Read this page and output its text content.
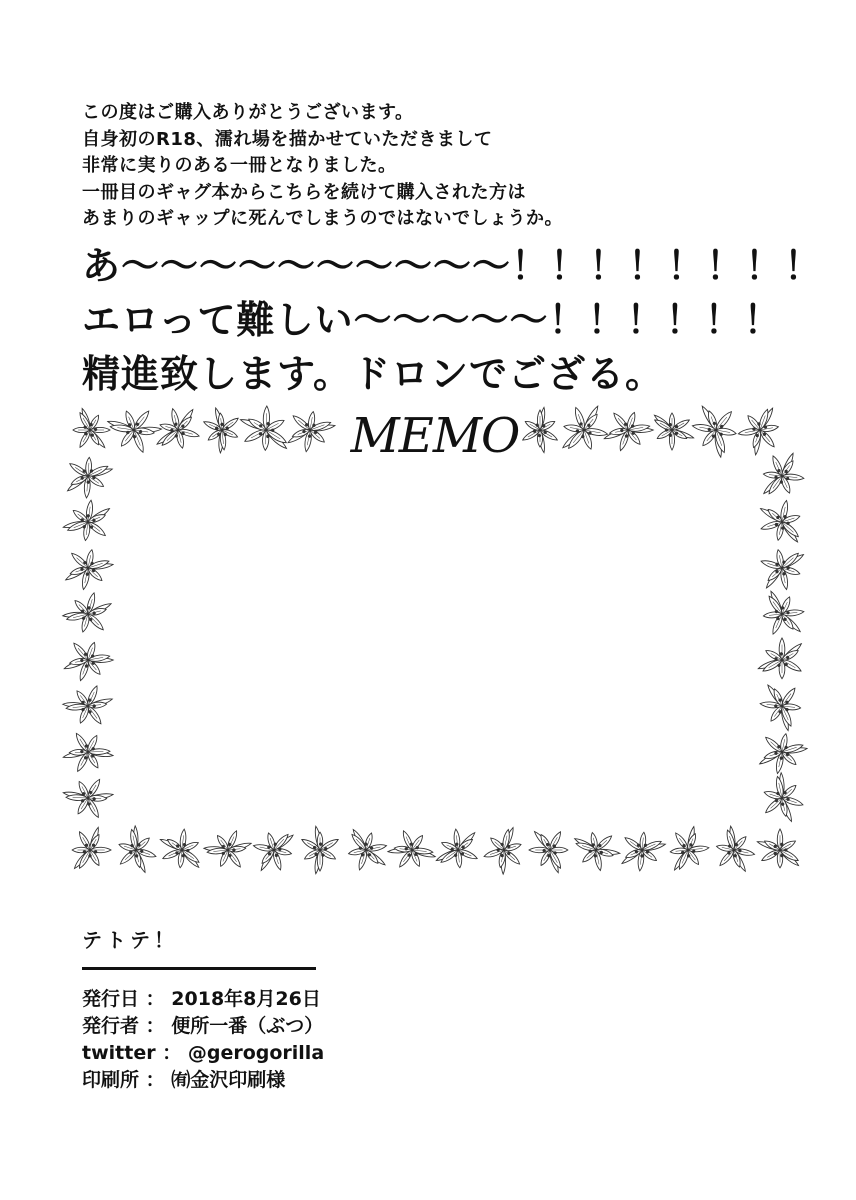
この度はご購入ありがとうございます。
自身初のR18、濡れ場を描かせていただきまして
非常に実りのある一冊となりました。
一冊目のギャグ本からこちらを続けて購入された方は
あまりのギャップに死んでしまうのではないでしょうか。
あ〜〜〜〜〜〜〜〜〜〜！！！！！！！！
エロって難しい〜〜〜〜〜！！！！！！
精進致します。ドロンでござる。
MEMO
テトテ！
発行日 ： 2018年8月26日
発行者 ： 便所一番（ぶつ）
twitter ： @gerogorilla
印刷所 ： ㈲金沢印刷様
